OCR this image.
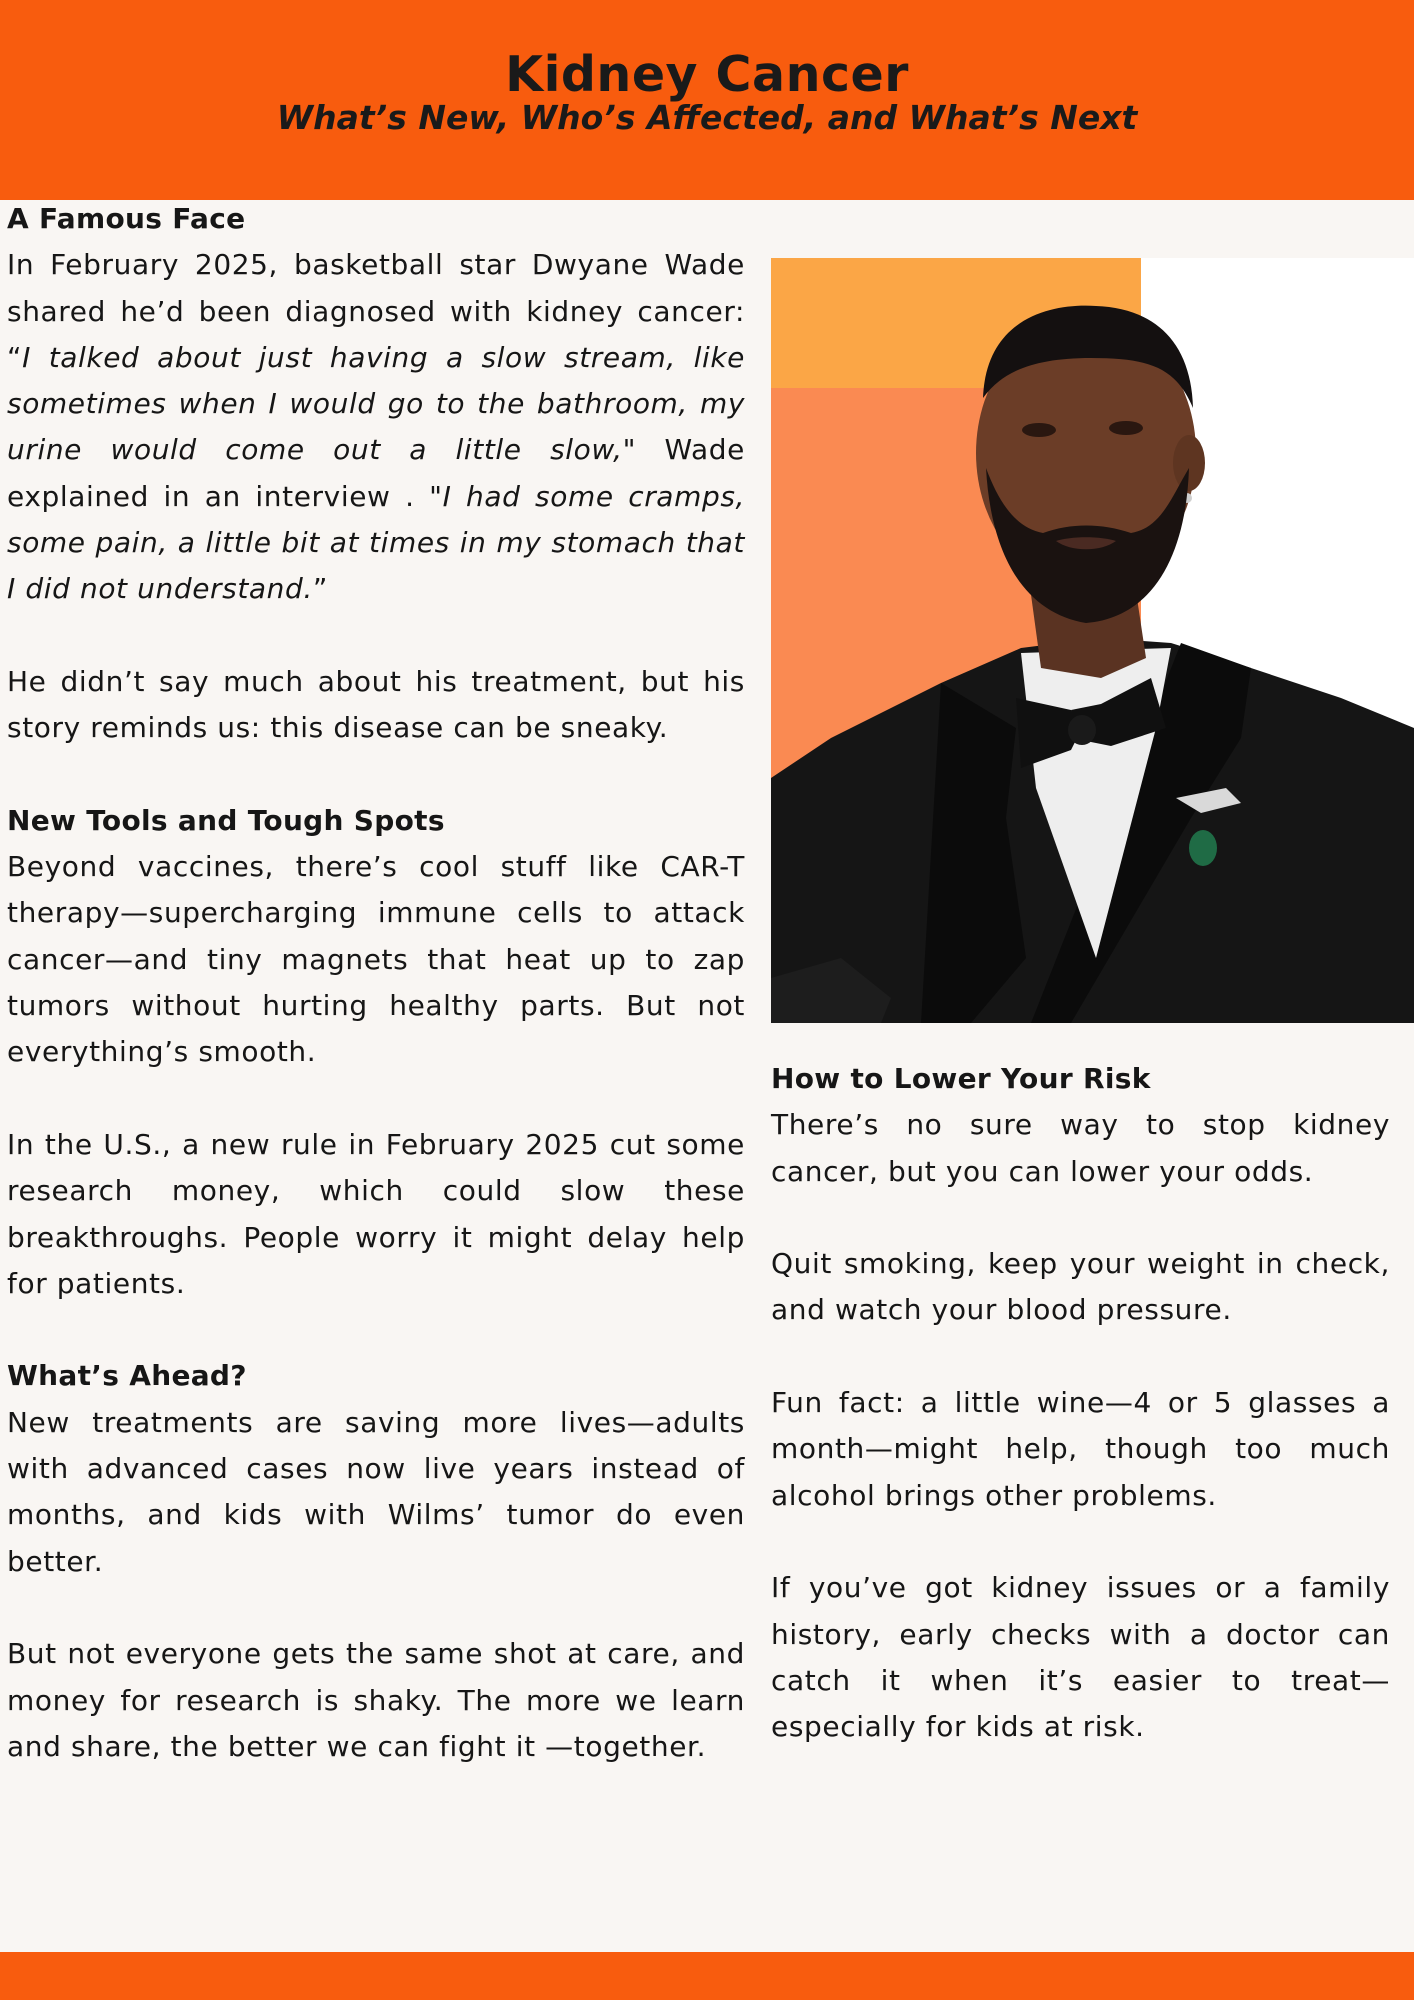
Kidney Cancer
What’s New, Who’s Affected, and What’s Next
A Famous Face

In February 2025, basketball star Dwyane Wade shared he’d been diagnosed with kidney cancer: “I talked about just having a slow stream, like sometimes when I would go to the bathroom, my urine would come out a little slow," Wade explained in an interview . "I had some cramps, some pain, a little bit at times in my stomach that I did not understand.”

He didn’t say much about his treatment, but his story reminds us: this disease can be sneaky.

New Tools and Tough Spots

Beyond vaccines, there’s cool stuff like CAR-T therapy—supercharging immune cells to attack cancer—and tiny magnets that heat up to zap tumors without hurting healthy parts. But not everything’s smooth.

In the U.S., a new rule in February 2025 cut some research money, which could slow these breakthroughs. People worry it might delay help for patients.

What’s Ahead?

New treatments are saving more lives—adults with advanced cases now live years instead of months, and kids with Wilms’ tumor do even better.

But not everyone gets the same shot at care, and money for research is shaky. The more we learn and share, the better we can fight it —together.

How to Lower Your Risk

There’s no sure way to stop kidney cancer, but you can lower your odds.

Quit smoking, keep your weight in check, and watch your blood pressure.

Fun fact: a little wine—4 or 5 glasses a month—might help, though too much alcohol brings other problems.

If you’ve got kidney issues or a family history, early checks with a doctor can catch it when it’s easier to treat—especially for kids at risk.
